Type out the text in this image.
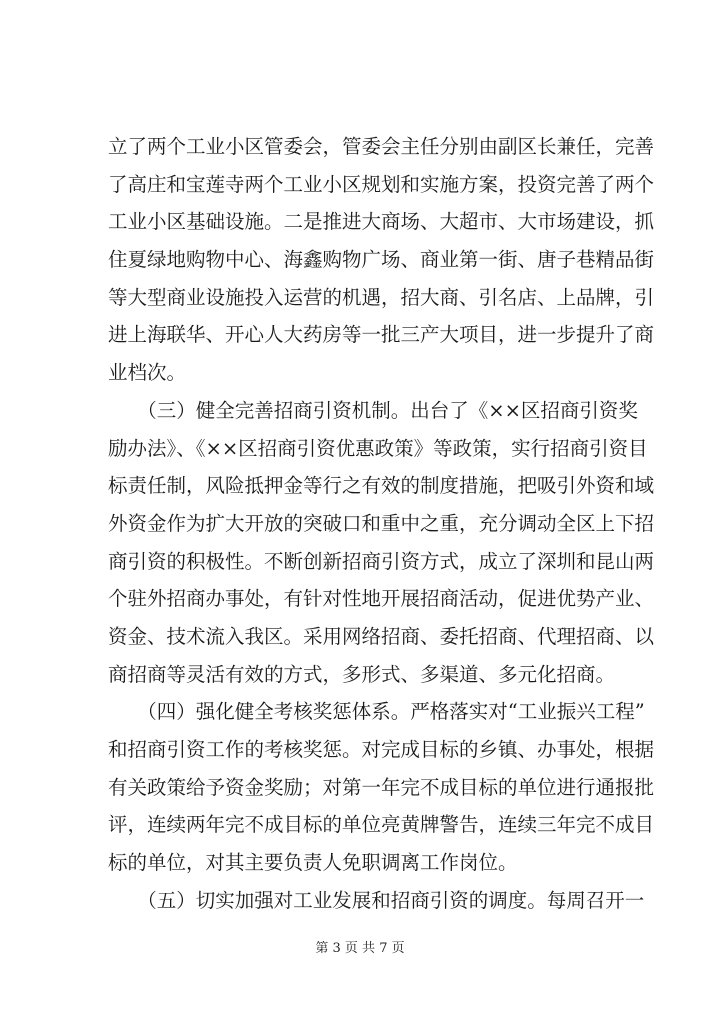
立了两个工业小区管委会，管委会主任分别由副区长兼任，完善
了高庄和宝莲寺两个工业小区规划和实施方案，投资完善了两个
工业小区基础设施。二是推进大商场、大超市、大市场建设，抓
住夏绿地购物中心、海鑫购物广场、商业第一街、唐子巷精品街
等大型商业设施投入运营的机遇，招大商、引名店、上品牌，引
进上海联华、开心人大药房等一批三产大项目，进一步提升了商
业档次。
　　（三）健全完善招商引资机制。出台了《××区招商引资奖
励办法》、《××区招商引资优惠政策》等政策，实行招商引资目
标责任制，风险抵押金等行之有效的制度措施，把吸引外资和域
外资金作为扩大开放的突破口和重中之重，充分调动全区上下招
商引资的积极性。不断创新招商引资方式，成立了深圳和昆山两
个驻外招商办事处，有针对性地开展招商活动，促进优势产业、
资金、技术流入我区。采用网络招商、委托招商、代理招商、以
商招商等灵活有效的方式，多形式、多渠道、多元化招商。
　　（四）强化健全考核奖惩体系。严格落实对“工业振兴工程”
和招商引资工作的考核奖惩。对完成目标的乡镇、办事处，根据
有关政策给予资金奖励；对第一年完不成目标的单位进行通报批
评，连续两年完不成目标的单位亮黄牌警告，连续三年完不成目
标的单位，对其主要负责人免职调离工作岗位。
　　（五）切实加强对工业发展和招商引资的调度。每周召开一
第 3 页 共 7 页
